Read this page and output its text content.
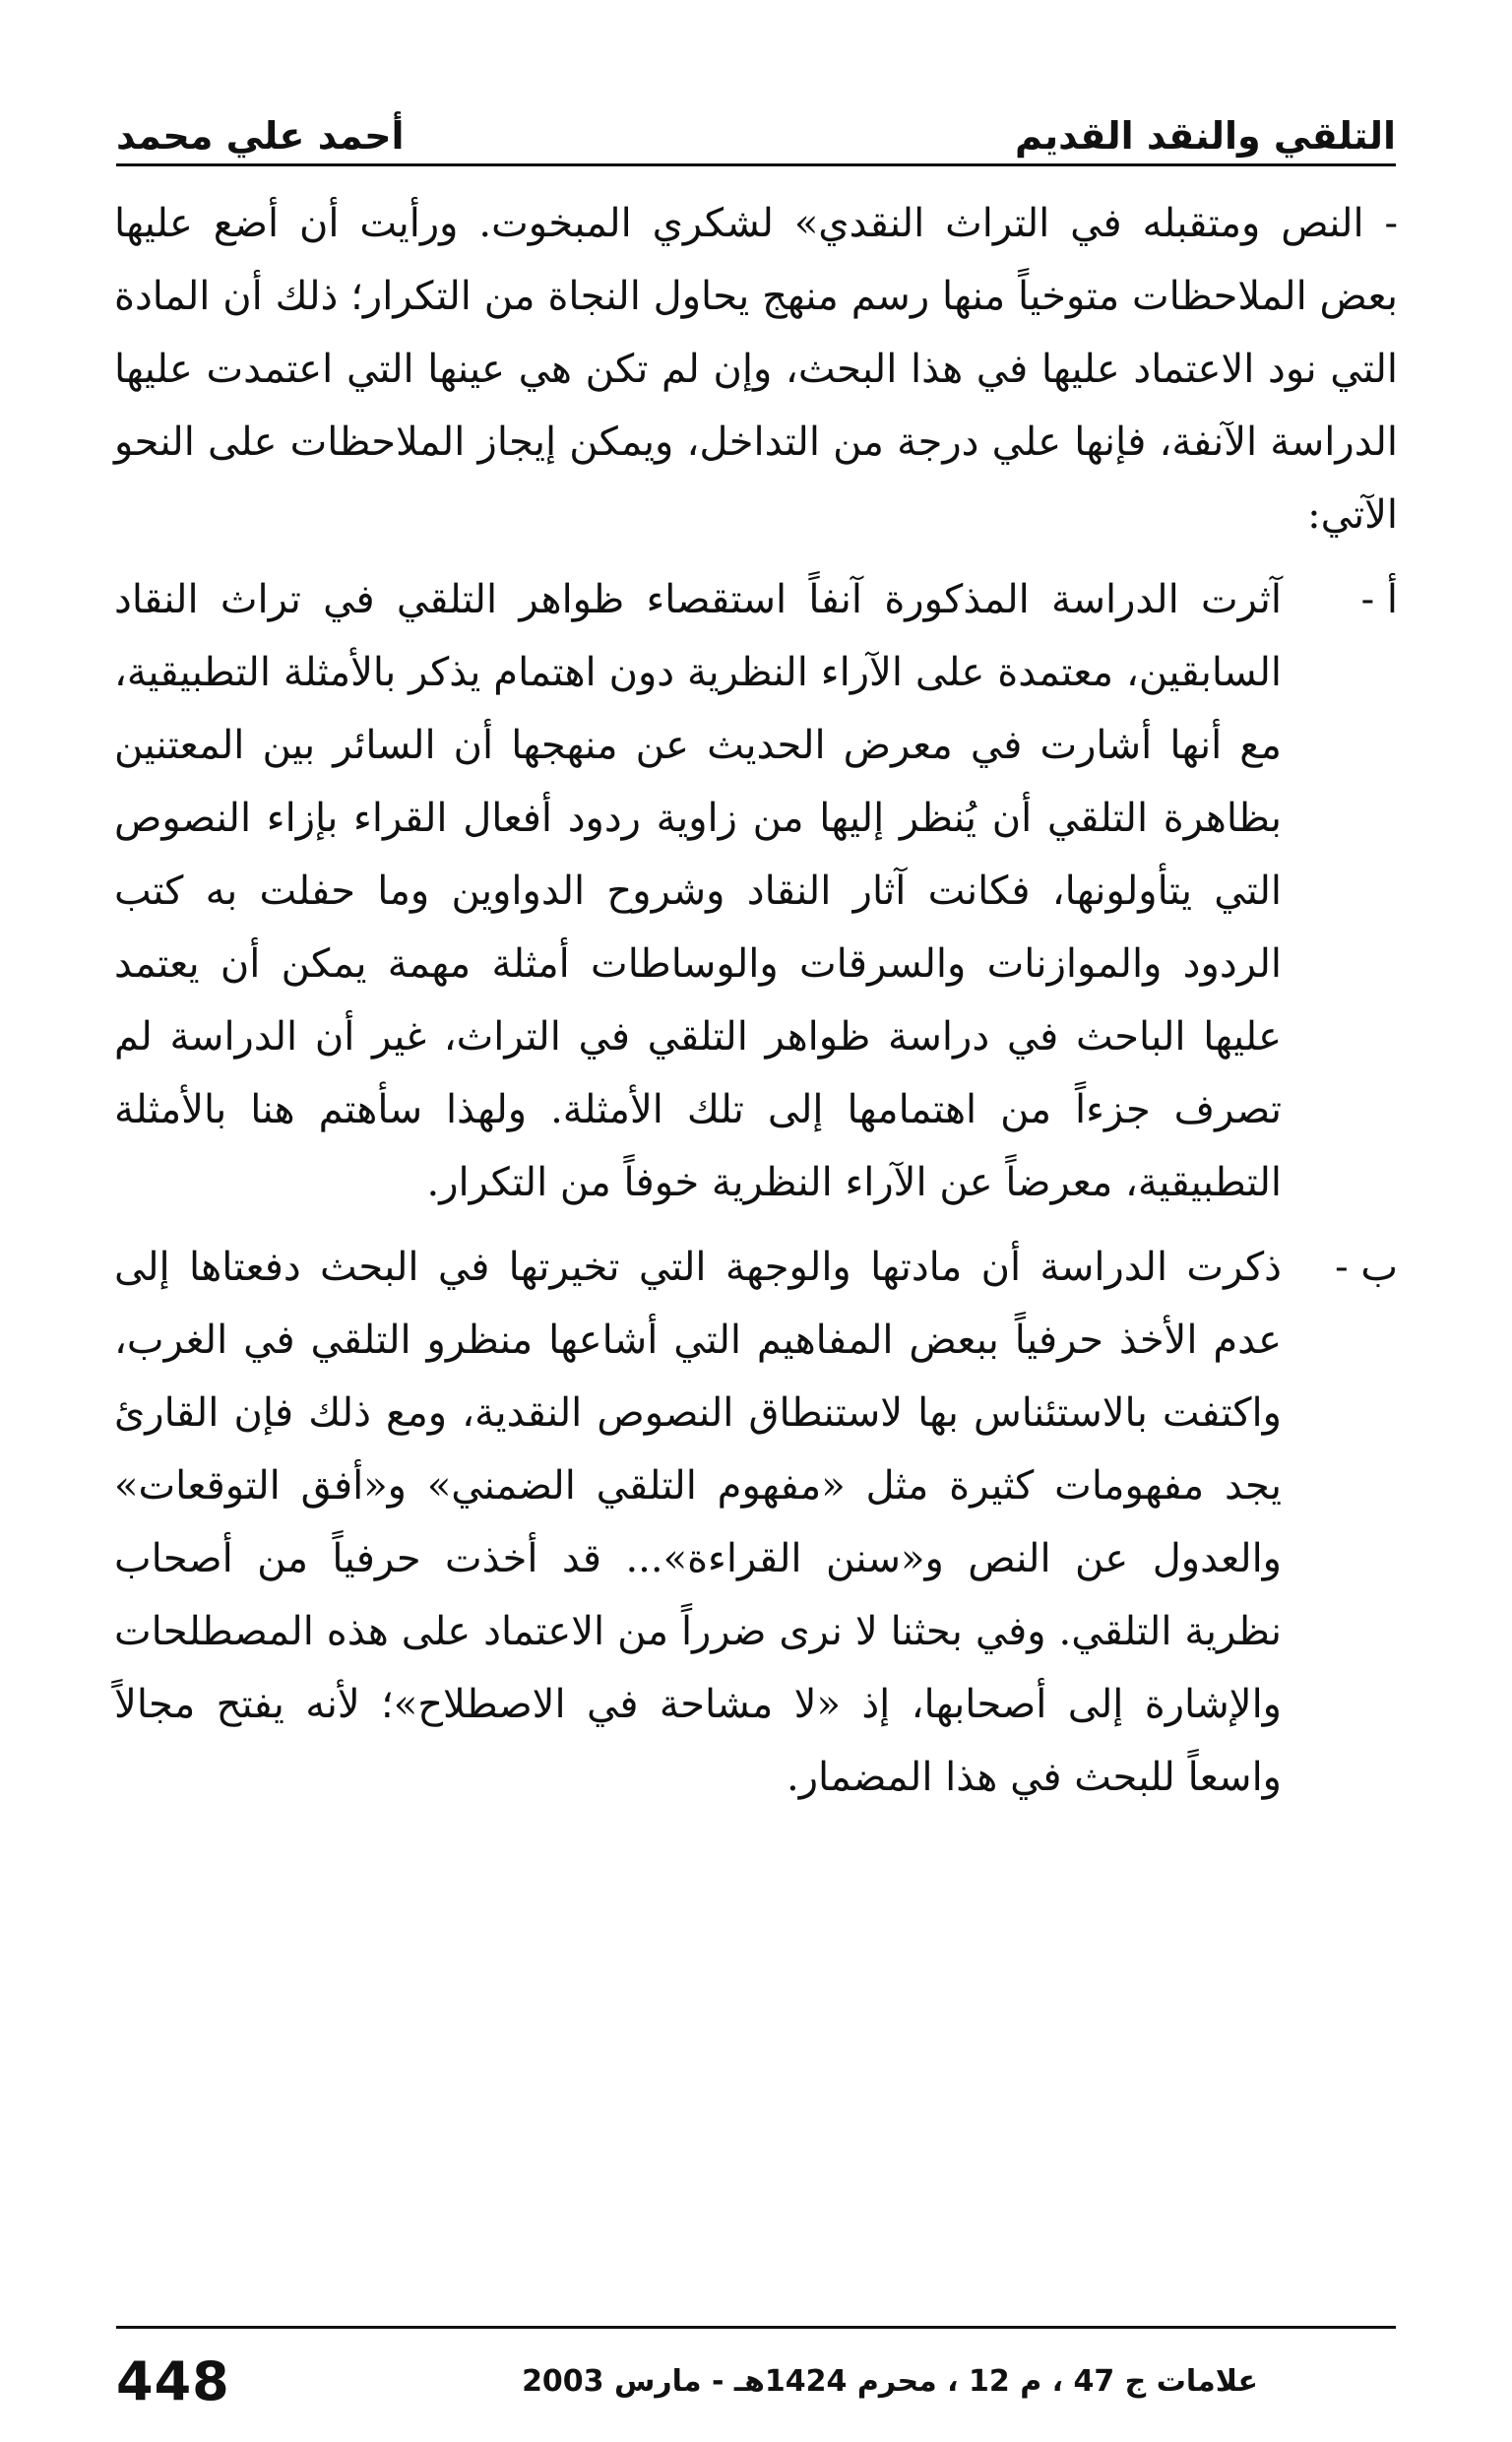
التلقي والنقد القديم
أحمد علي محمد

- النص ومتقبله في التراث النقدي» لشكري المبخوت. ورأيت أن أضع عليها بعض الملاحظات متوخياً منها رسم منهج يحاول النجاة من التكرار؛ ذلك أن المادة التي نود الاعتماد عليها في هذا البحث، وإن لم تكن هي عينها التي اعتمدت عليها الدراسة الآنفة، فإنها علي درجة من التداخل، ويمكن إيجاز الملاحظات على النحو الآتي:

أ -
آثرت الدراسة المذكورة آنفاً استقصاء ظواهر التلقي في تراث النقاد السابقين، معتمدة على الآراء النظرية دون اهتمام يذكر بالأمثلة التطبيقية، مع أنها أشارت في معرض الحديث عن منهجها أن السائر بين المعتنين بظاهرة التلقي أن يُنظر إليها من زاوية ردود أفعال القراء بإزاء النصوص التي يتأولونها، فكانت آثار النقاد وشروح الدواوين وما حفلت به كتب الردود والموازنات والسرقات والوساطات أمثلة مهمة يمكن أن يعتمد عليها الباحث في دراسة ظواهر التلقي في التراث، غير أن الدراسة لم تصرف جزءاً من اهتمامها إلى تلك الأمثلة. ولهذا سأهتم هنا بالأمثلة التطبيقية، معرضاً عن الآراء النظرية خوفاً من التكرار.
ب -
ذكرت الدراسة أن مادتها والوجهة التي تخيرتها في البحث دفعتاها إلى عدم الأخذ حرفياً ببعض المفاهيم التي أشاعها منظرو التلقي في الغرب، واكتفت بالاستئناس بها لاستنطاق النصوص النقدية، ومع ذلك فإن القارئ يجد مفهومات كثيرة مثل «مفهوم التلقي الضمني» و«أفق التوقعات» والعدول عن النص و«سنن القراءة»... قد أخذت حرفياً من أصحاب نظرية التلقي. وفي بحثنا لا نرى ضرراً من الاعتماد على هذه المصطلحات والإشارة إلى أصحابها، إذ «لا مشاحة في الاصطلاح»؛ لأنه يفتح مجالاً واسعاً للبحث في هذا المضمار.
علامات ج 47 ، م 12 ، محرم 1424هـ - مارس 2003
448
